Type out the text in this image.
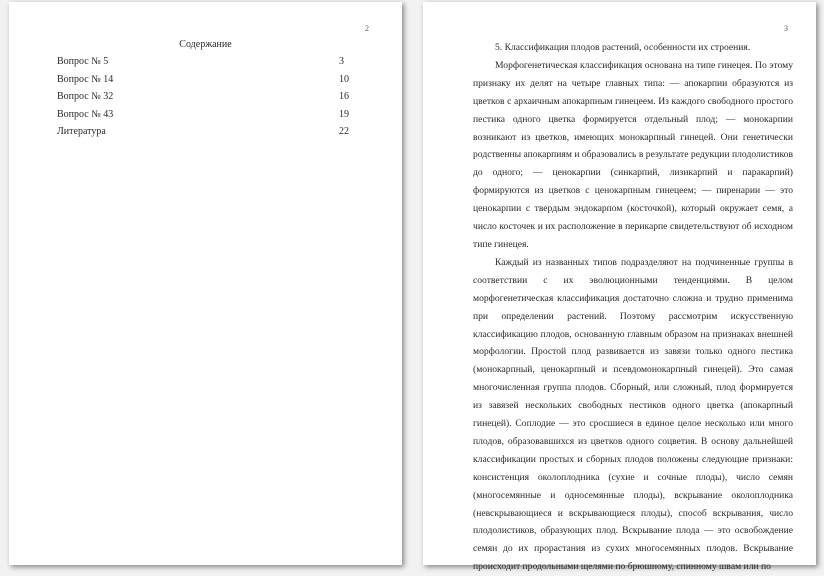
2
Содержание
Вопрос № 5	3
Вопрос № 14	10
Вопрос № 32	16
Вопрос № 43	19
Литература	22
3
5. Классификация плодов растений, особенности их строения.

Морфогенетическая классификация основана на типе гинецея. По этому признаку их делят на четыре главных типа: — апокарпии образуются из цветков с архаичным апокарпным гинецеем. Из каждого свободного простого пестика одного цветка формируется отдельный плод; — монокарпии возникают из цветков, имеющих монокарпный гинецей. Они генетически родственны апокарпиям и образовались в результате редукции плодолистиков до одного; — ценокарпии (синкарпий, лизикарпий и паракарпий) формируются из цветков с ценокарпным гинецеем; — пиренарии — это ценокарпии с твердым эндокарпом (косточкой), который окружает семя, а число косточек и их расположение в перикарпе свидетельствуют об исходном типе гинецея.

Каждый из названных типов подразделяют на подчиненные группы в соответствии с их эволюционными тенденциями. В целом морфогенетическая классификация достаточно сложна и трудно применима при определении растений. Поэтому рассмотрим искусственную классификацию плодов, основанную главным образом на признаках внешней морфологии. Простой плод развивается из завязи только одного пестика (монокарпный, ценокарпный и псевдомонокарпный гинецей). Это самая многочисленная группа плодов. Сборный, или сложный, плод формируется из завязей нескольких свободных пестиков одного цветка (апокарпный гинецей). Соплодие — это сросшиеся в единое целое несколько или много плодов, образовавшихся из цветков одного соцветия. В основу дальнейшей классификации простых и сборных плодов положены следующие признаки: консистенция околоплодника (сухие и сочные плоды), число семян (многосемянные и односемянные плоды), вскрывание околоплодника (невскрывающиеся и вскрывающиеся плоды), способ вскрывания, число плодолистиков, образующих плод. Вскрывание плода — это освобождение семян до их прорастания из сухих многосемянных плодов. Вскрывание происходит продольными щелями по брюшному, спинному швам или по
